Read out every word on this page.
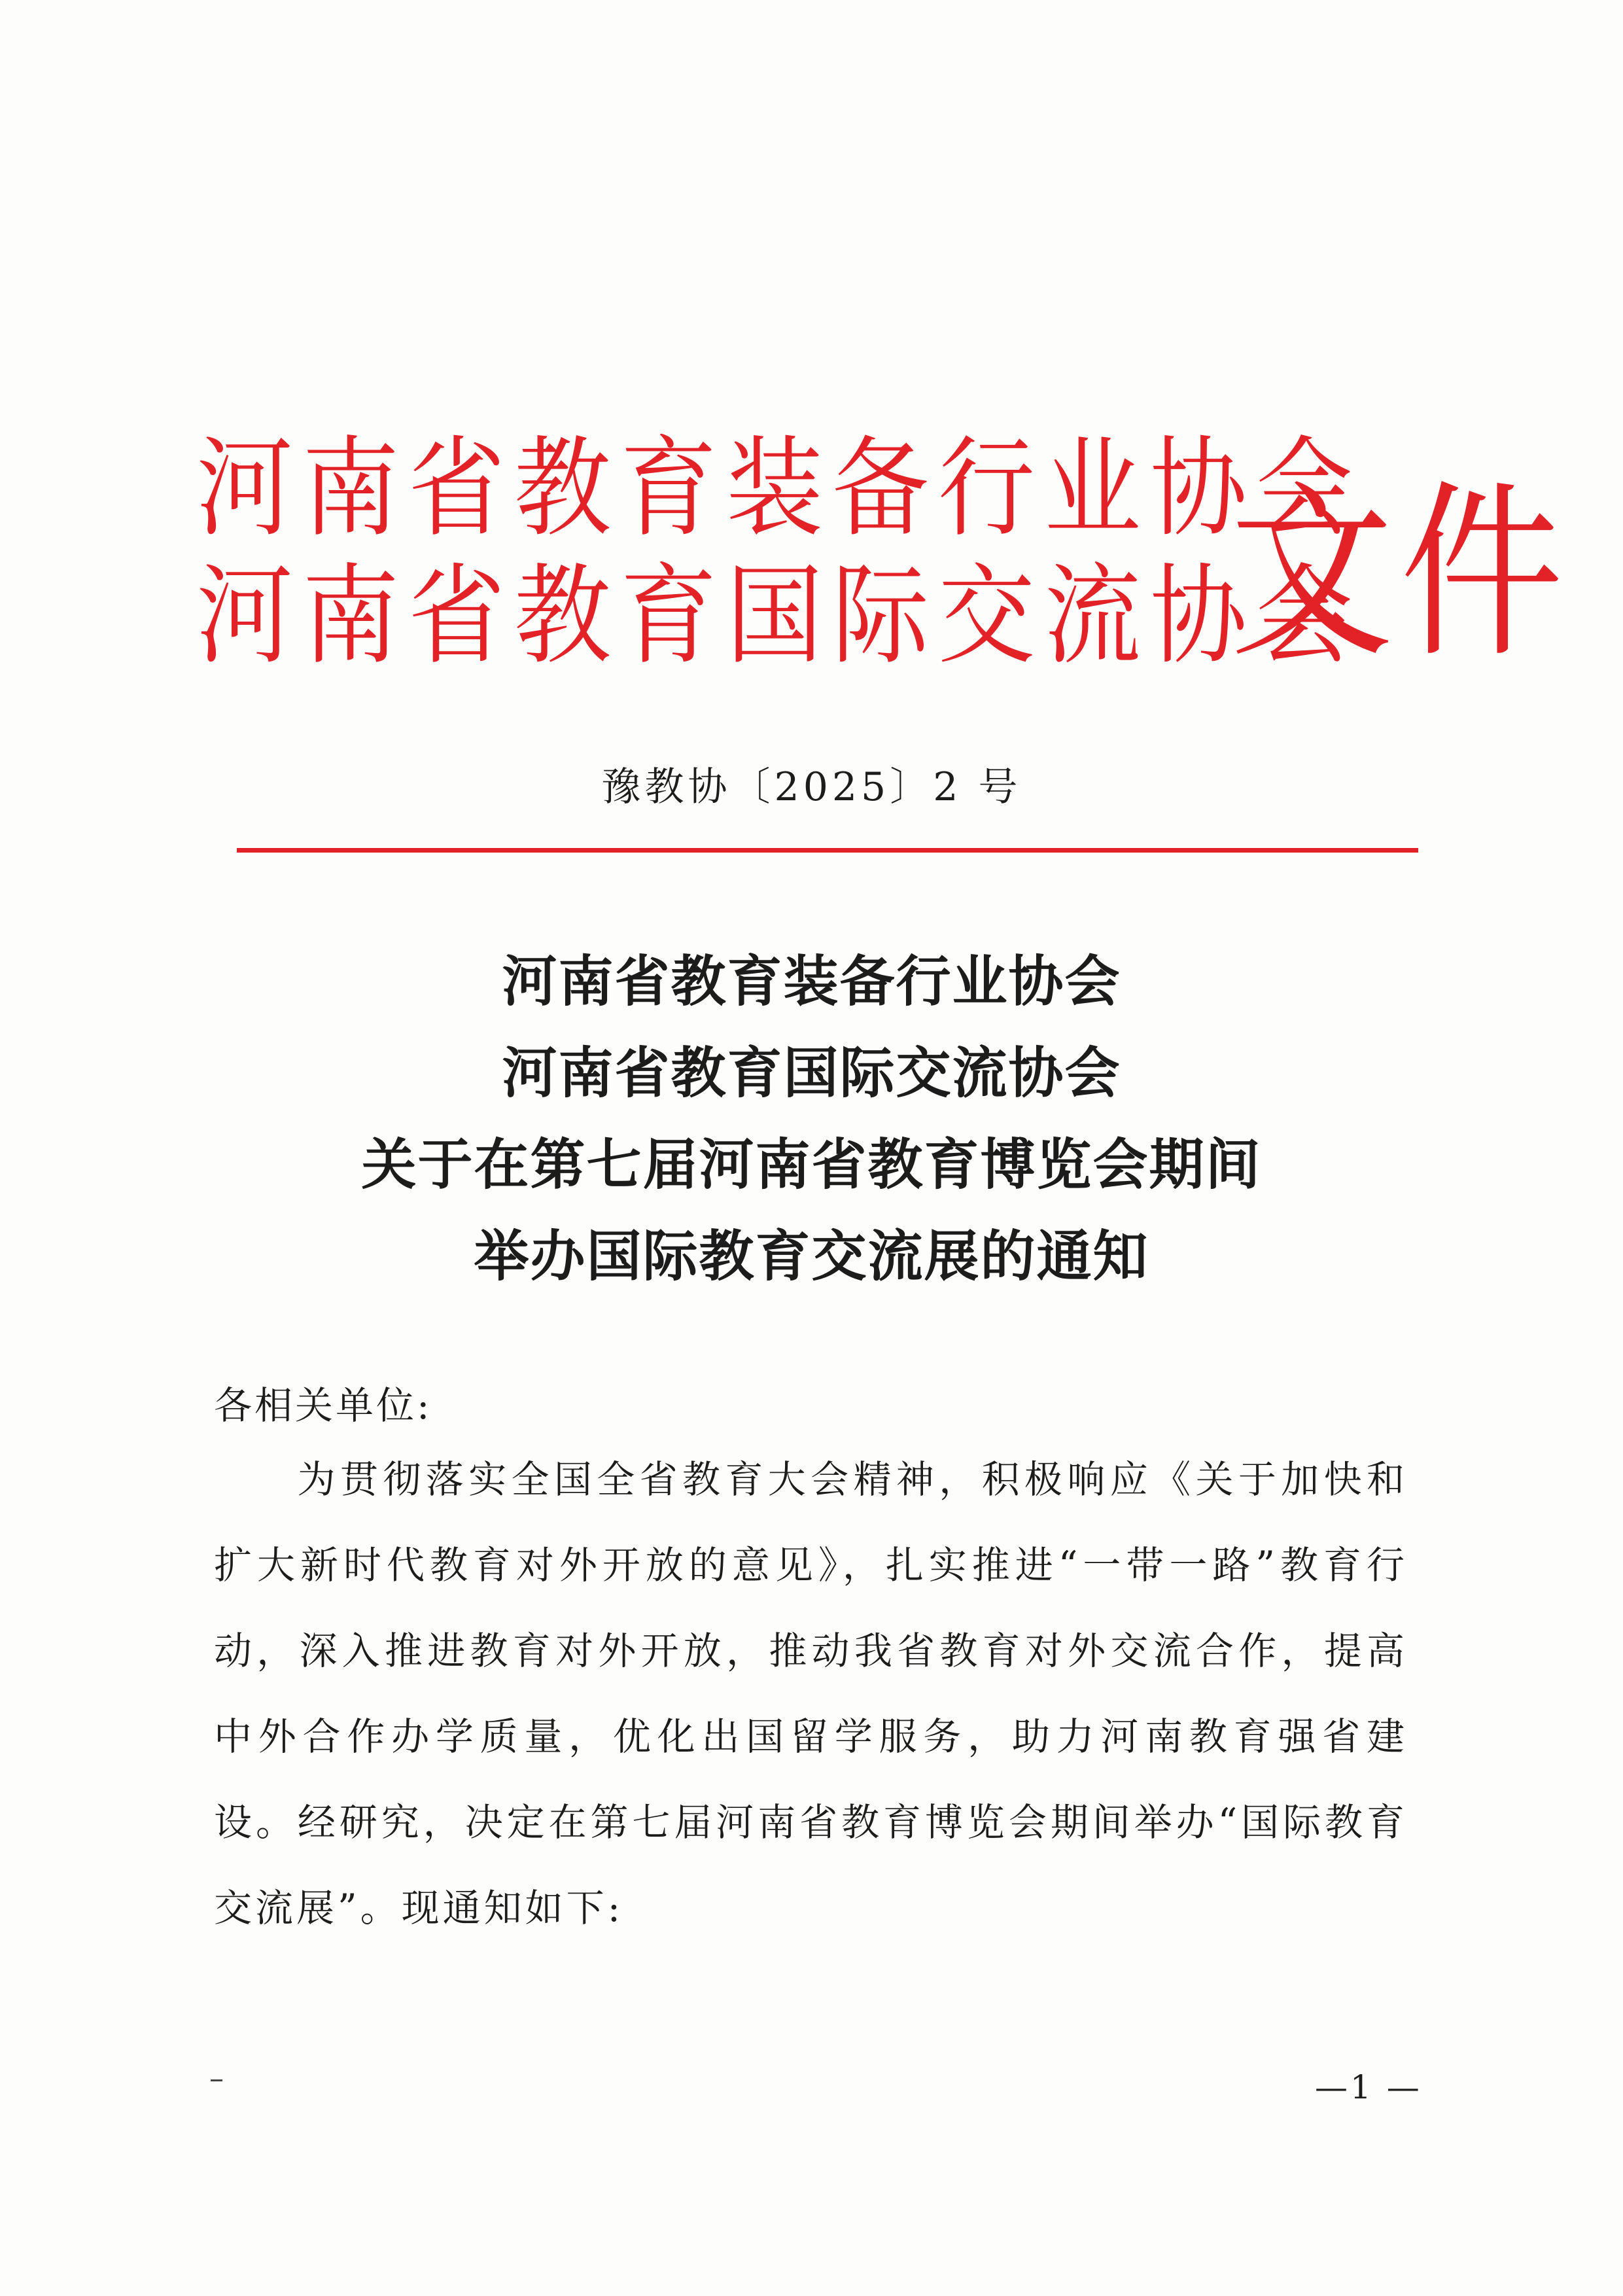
河南省教育装备行业协会
河南省教育国际交流协会
文件
豫教协〔2025〕2 号
河南省教育装备行业协会
河南省教育国际交流协会
关于在第七届河南省教育博览会期间
举办国际教育交流展的通知
各相关单位:

为贯彻落实全国全省教育大会精神，积极响应《关于加快和扩大新时代教育对外开放的意见》，扎实推进“一带一路”教育行动，深入推进教育对外开放，推动我省教育对外交流合作，提高中外合作办学质量，优化出国留学服务，助力河南教育强省建设。经研究，决定在第七届河南省教育博览会期间举办“国际教育交流展”。现通知如下:

—1 —
